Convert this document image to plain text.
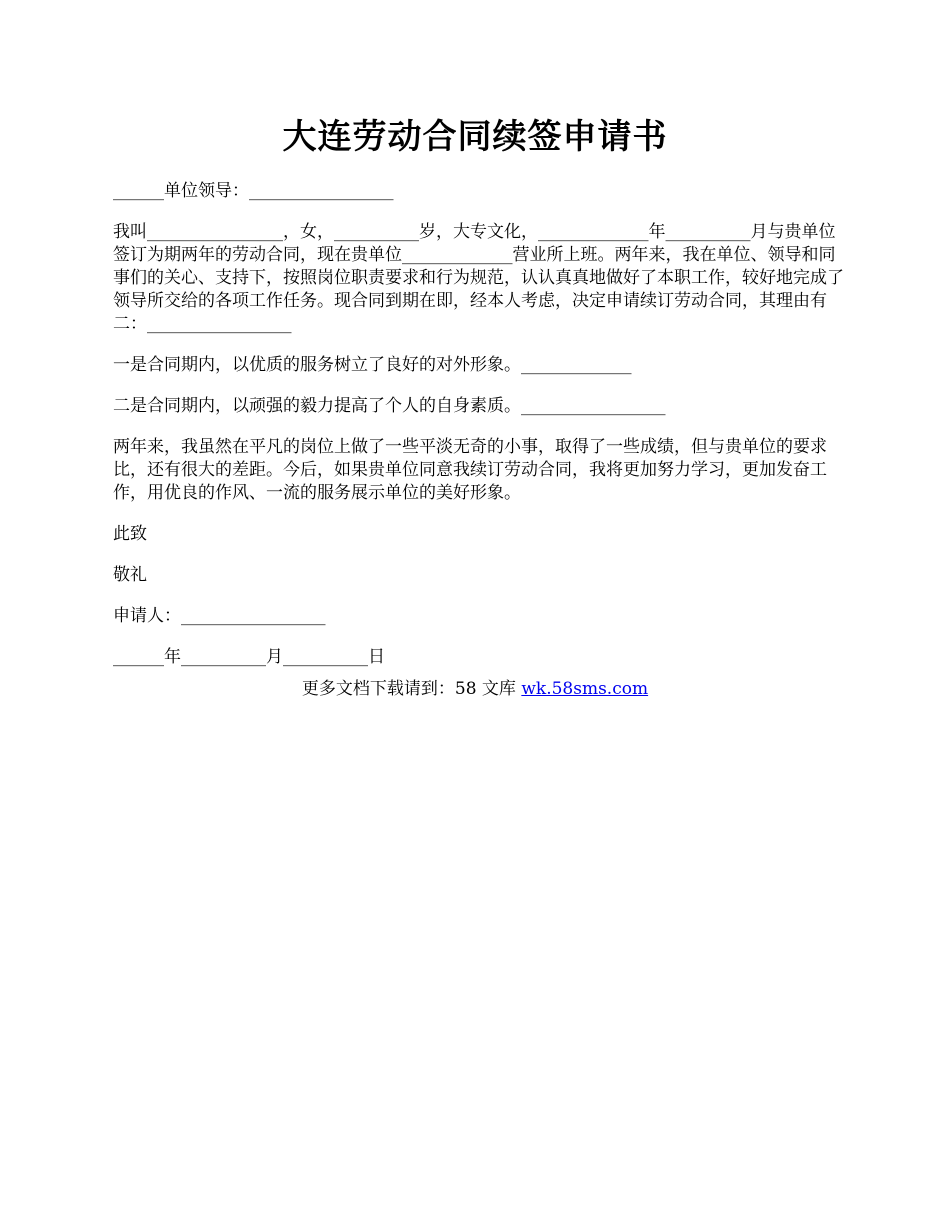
大连劳动合同续签申请书

______单位领导：_________________

我叫________________，女，__________岁，大专文化，_____________年__________月与贵单位签订为期两年的劳动合同，现在贵单位_____________营业所上班。两年来，我在单位、领导和同事们的关心、支持下，按照岗位职责要求和行为规范，认认真真地做好了本职工作，较好地完成了领导所交给的各项工作任务。现合同到期在即，经本人考虑，决定申请续订劳动合同，其理由有二：_________________

一是合同期内，以优质的服务树立了良好的对外形象。_____________

二是合同期内，以顽强的毅力提高了个人的自身素质。_________________

两年来，我虽然在平凡的岗位上做了一些平淡无奇的小事，取得了一些成绩，但与贵单位的要求比，还有很大的差距。今后，如果贵单位同意我续订劳动合同，我将更加努力学习，更加发奋工作，用优良的作风、一流的服务展示单位的美好形象。

此致

敬礼

申请人：_________________

______年__________月__________日

更多文档下载请到：58 文库 wk.58sms.com
